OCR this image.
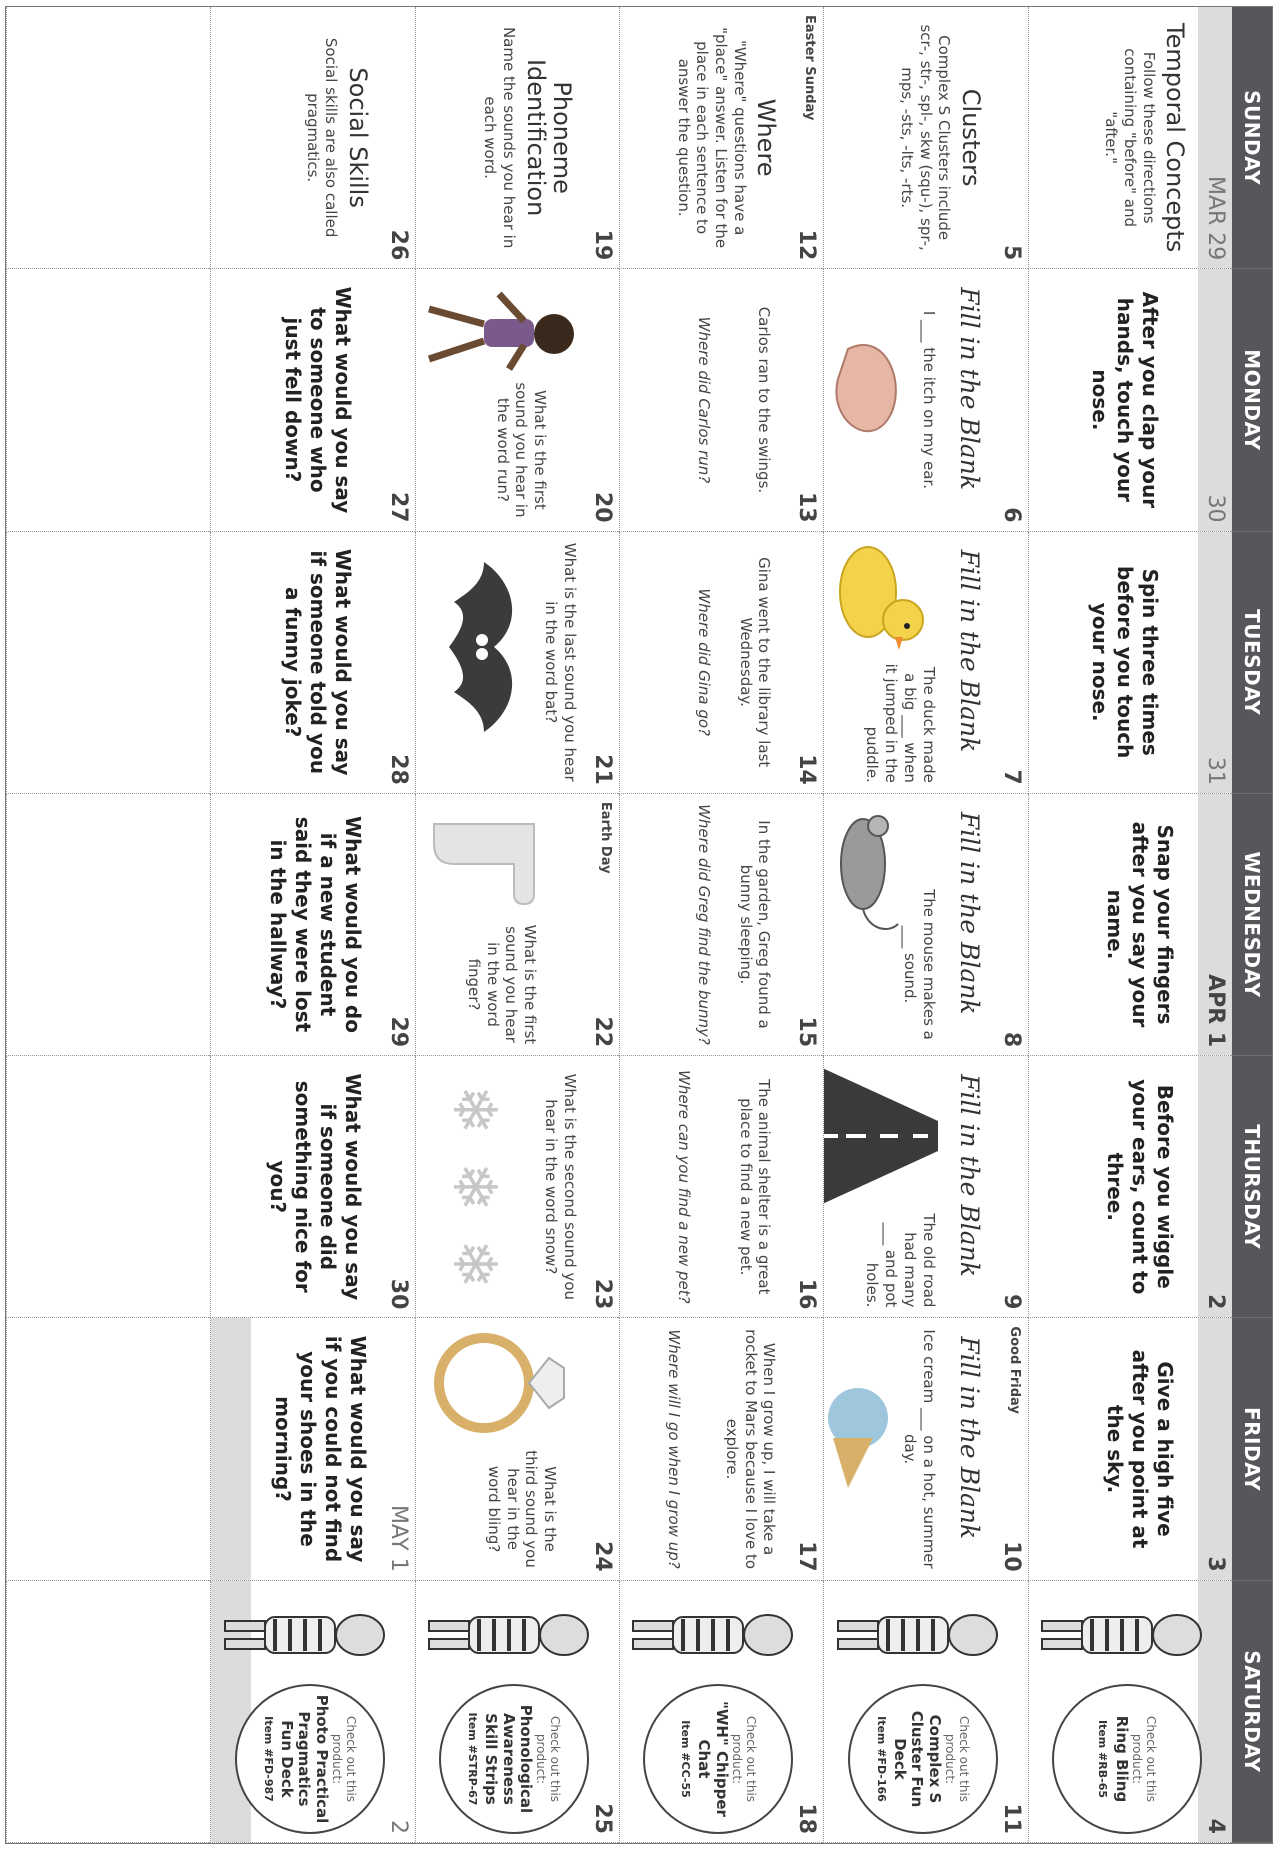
SUNDAY
MONDAY
TUESDAY
WEDNESDAY
THURSDAY
FRIDAY
SATURDAY
MAR 29
Temporal Concepts
Follow these directions containing "before" and "after."
30
After you clap your hands, touch your nose.
31
Spin three times before you touch your nose.
APR 1
Snap your fingers after you say your name.
2
Before you wiggle your ears, count to three.
3
Give a high five after you point at the sky.
4
Check out this product:
Ring Bling
Item #RB-65
5
Clusters
Complex S Clusters include scr-, str-, spl-, skw (squ-), spr-, mps, -sts, -lts, -rts.
6
Fill in the Blank
I ___ the itch on my ear.
7
Fill in the Blank
The duck made a big ___ when it jumped in the puddle.
8
Fill in the Blank
The mouse makes a ___ sound.
9
Fill in the Blank
The old road had many ___ and pot holes.
Good Friday
10
Fill in the Blank
Ice cream ___ on a hot, summer day.
11
Check out this product:
Complex S Cluster Fun Deck
Item #FD-166
Easter Sunday
12
Where
"Where" questions have a "place" answer. Listen for the place in each sentence to answer the question.
13
Carlos ran to the swings.
Where did Carlos run?
14
Gina went to the library last Wednesday.
Where did Gina go?
15
In the garden, Greg found a bunny sleeping.
Where did Greg find the bunny?
16
The animal shelter is a great place to find a new pet.
Where can you find a new pet?
17
When I grow up, I will take a rocket to Mars because I love to explore.
Where will I go when I grow up?
18
Check out this product:
"WH" Chipper Chat
Item #CC-55
19
Phoneme Identification
Name the sounds you hear in each word.
20
What is the first sound you hear in the word run?
21
What is the last sound you hear in the word bat?
Earth Day
22
What is the first sound you hear in the word finger?
23
What is the second sound you hear in the word snow?
❄
❄
❄
24
What is the third sound you hear in the word bling?
25
Check out this product:
Phonological Awareness Skill Strips
Item #STRP-67
26
Social Skills
Social skills are also called pragmatics.
27
What would you say to someone who just fell down?
28
What would you say if someone told you a funny joke?
29
What would you do if a new student said they were lost in the hallway?
30
What would you say if someone did something nice for you?
MAY 1
What would you say if you could not find your shoes in the morning?
2
Check out this product:
Photo Practical Pragmatics Fun Deck
Item #FD-987
